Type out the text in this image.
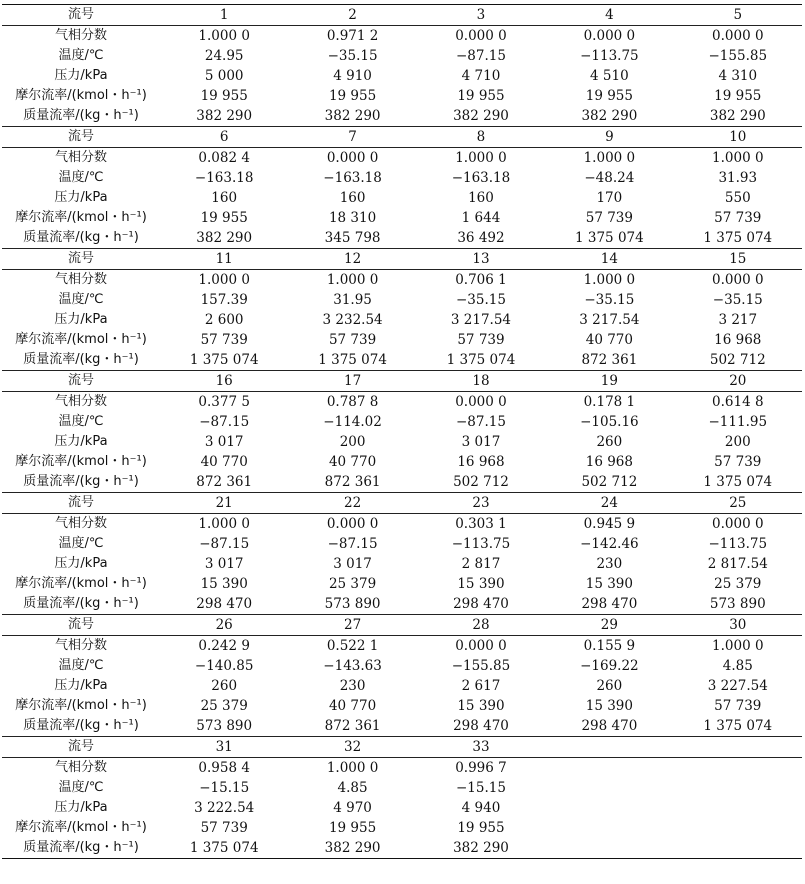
流号	1	2	3	4	5
气相分数	1.000 0	0.971 2	0.000 0	0.000 0	0.000 0
温度/℃	24.95	−35.15	−87.15	−113.75	−155.85
压力/kPa	5 000	4 910	4 710	4 510	4 310
摩尔流率/(kmol・h⁻¹)	19 955	19 955	19 955	19 955	19 955
质量流率/(kg・h⁻¹)	382 290	382 290	382 290	382 290	382 290
流号	6	7	8	9	10
气相分数	0.082 4	0.000 0	1.000 0	1.000 0	1.000 0
温度/℃	−163.18	−163.18	−163.18	−48.24	31.93
压力/kPa	160	160	160	170	550
摩尔流率/(kmol・h⁻¹)	19 955	18 310	1 644	57 739	57 739
质量流率/(kg・h⁻¹)	382 290	345 798	36 492	1 375 074	1 375 074
流号	11	12	13	14	15
气相分数	1.000 0	1.000 0	0.706 1	1.000 0	0.000 0
温度/℃	157.39	31.95	−35.15	−35.15	−35.15
压力/kPa	2 600	3 232.54	3 217.54	3 217.54	3 217
摩尔流率/(kmol・h⁻¹)	57 739	57 739	57 739	40 770	16 968
质量流率/(kg・h⁻¹)	1 375 074	1 375 074	1 375 074	872 361	502 712
流号	16	17	18	19	20
气相分数	0.377 5	0.787 8	0.000 0	0.178 1	0.614 8
温度/℃	−87.15	−114.02	−87.15	−105.16	−111.95
压力/kPa	3 017	200	3 017	260	200
摩尔流率/(kmol・h⁻¹)	40 770	40 770	16 968	16 968	57 739
质量流率/(kg・h⁻¹)	872 361	872 361	502 712	502 712	1 375 074
流号	21	22	23	24	25
气相分数	1.000 0	0.000 0	0.303 1	0.945 9	0.000 0
温度/℃	−87.15	−87.15	−113.75	−142.46	−113.75
压力/kPa	3 017	3 017	2 817	230	2 817.54
摩尔流率/(kmol・h⁻¹)	15 390	25 379	15 390	15 390	25 379
质量流率/(kg・h⁻¹)	298 470	573 890	298 470	298 470	573 890
流号	26	27	28	29	30
气相分数	0.242 9	0.522 1	0.000 0	0.155 9	1.000 0
温度/℃	−140.85	−143.63	−155.85	−169.22	4.85
压力/kPa	260	230	2 617	260	3 227.54
摩尔流率/(kmol・h⁻¹)	25 379	40 770	15 390	15 390	57 739
质量流率/(kg・h⁻¹)	573 890	872 361	298 470	298 470	1 375 074
流号	31	32	33		
气相分数	0.958 4	1.000 0	0.996 7		
温度/℃	−15.15	4.85	−15.15		
压力/kPa	3 222.54	4 970	4 940		
摩尔流率/(kmol・h⁻¹)	57 739	19 955	19 955		
质量流率/(kg・h⁻¹)	1 375 074	382 290	382 290		
